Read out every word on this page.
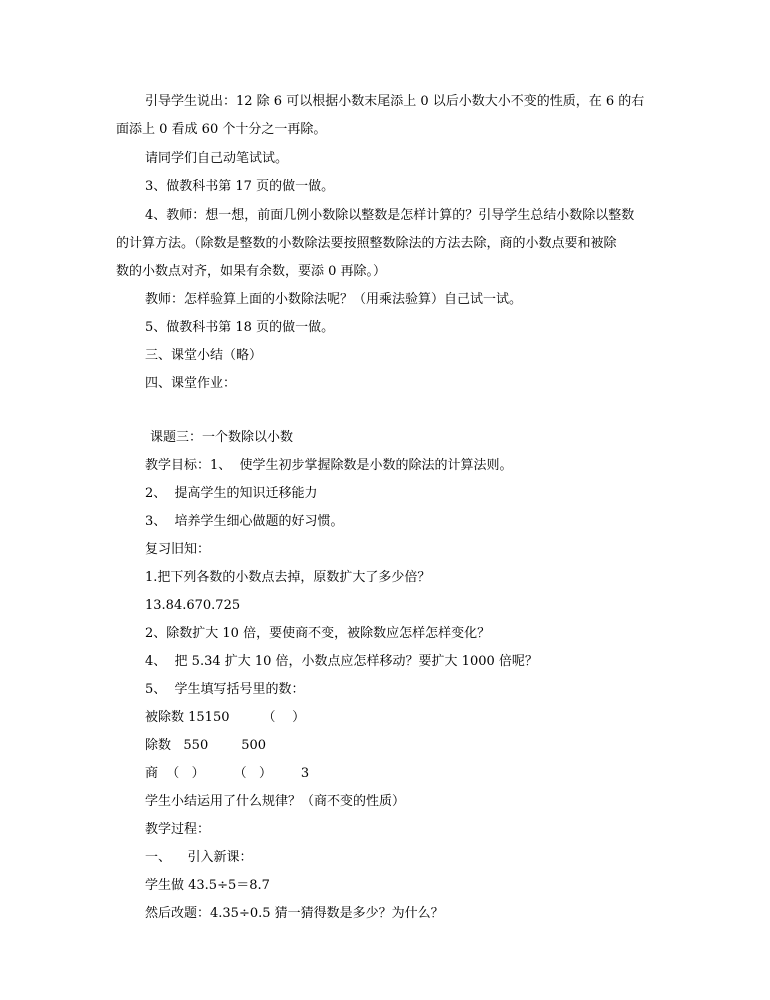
引导学生说出：12 除 6 可以根据小数末尾添上 0 以后小数大小不变的性质，在 6 的右
面添上 0 看成 60 个十分之一再除。
请同学们自己动笔试试。
3、做教科书第 17 页的做一做。
4、教师：想一想，前面几例小数除以整数是怎样计算的？引导学生总结小数除以整数
的计算方法。（除数是整数的小数除法要按照整数除法的方法去除，商的小数点要和被除
数的小数点对齐，如果有余数，要添 0 再除。）
教师：怎样验算上面的小数除法呢？（用乘法验算）自己试一试。
5、做教科书第 18 页的做一做。
三、课堂小结（略）
四、课堂作业：
课题三：一个数除以小数
教学目标：1、  使学生初步掌握除数是小数的除法的计算法则。
2、  提高学生的知识迁移能力
3、  培养学生细心做题的好习惯。
复习旧知：
1.把下列各数的小数点去掉，原数扩大了多少倍？
13.84.670.725
2、除数扩大 10 倍，要使商不变，被除数应怎样怎样变化？
4、  把 5.34 扩大 10 倍，小数点应怎样移动？要扩大 1000 倍呢？
5、  学生填写括号里的数：
被除数 15150        （    ）
除数   550        500
商  （   ）       （   ）       3
学生小结运用了什么规律？（商不变的性质）
教学过程：
一、    引入新课：
学生做 43.5÷5＝8.7
然后改题：4.35÷0.5 猜一猜得数是多少？为什么？
